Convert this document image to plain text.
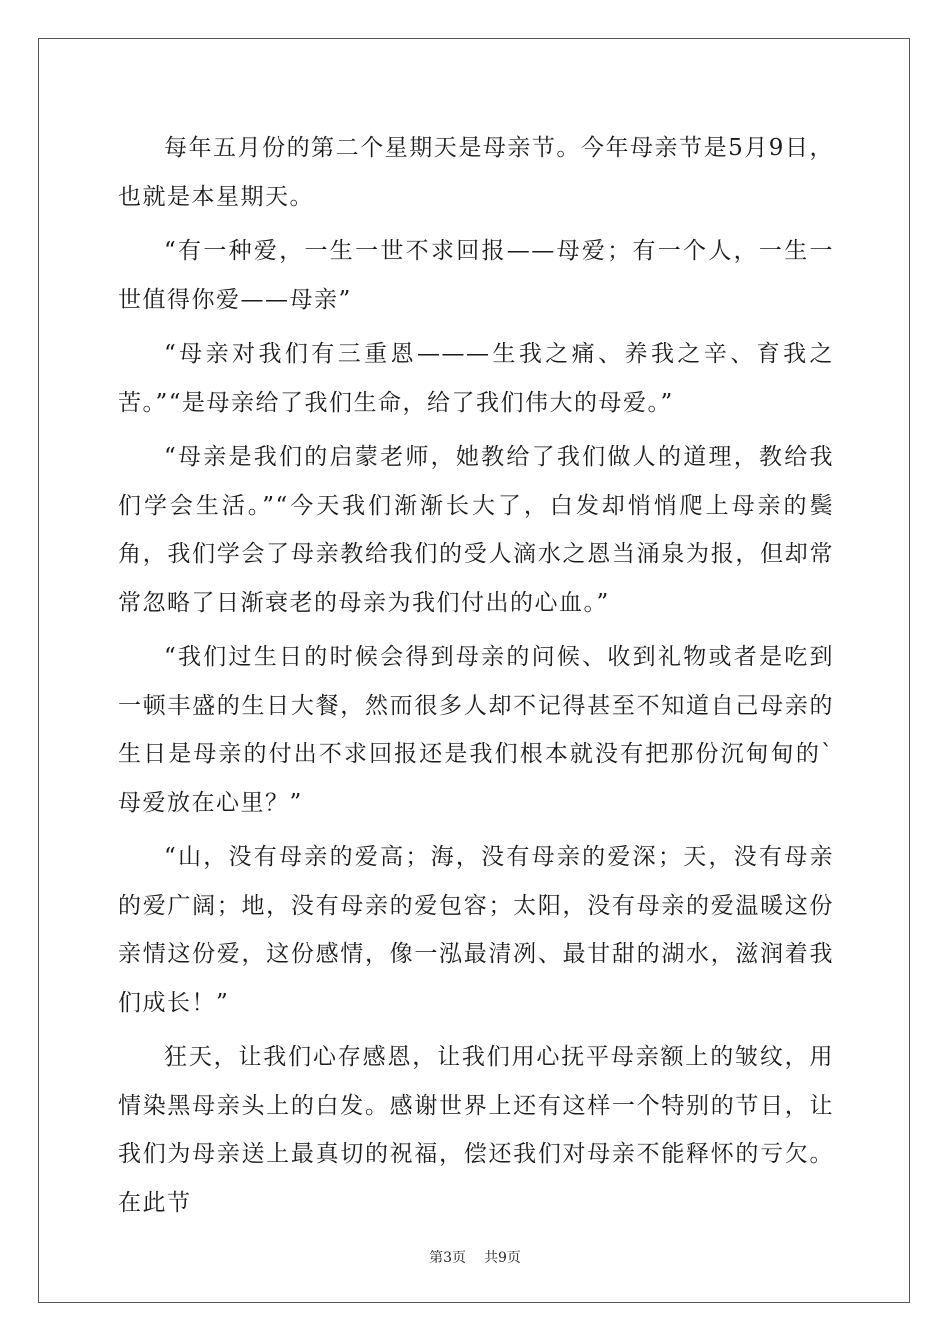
每年五月份的第二个星期天是母亲节。今年母亲节是5月9日，也就是本星期天。

“有一种爱，一生一世不求回报——母爱；有一个人，一生一世值得你爱——母亲”

“母亲对我们有三重恩———生我之痛、养我之辛、育我之苦。”“是母亲给了我们生命，给了我们伟大的母爱。”

“母亲是我们的启蒙老师，她教给了我们做人的道理，教给我们学会生活。”“今天我们渐渐长大了，白发却悄悄爬上母亲的鬓角，我们学会了母亲教给我们的受人滴水之恩当涌泉为报，但却常常忽略了日渐衰老的母亲为我们付出的心血。”

“我们过生日的时候会得到母亲的问候、收到礼物或者是吃到一顿丰盛的生日大餐，然而很多人却不记得甚至不知道自己母亲的生日是母亲的付出不求回报还是我们根本就没有把那份沉甸甸的`母爱放在心里？”

“山，没有母亲的爱高；海，没有母亲的爱深；天，没有母亲的爱广阔；地，没有母亲的爱包容；太阳，没有母亲的爱温暖这份亲情这份爱，这份感情，像一泓最清冽、最甘甜的湖水，滋润着我们成长！”

狂天，让我们心存感恩，让我们用心抚平母亲额上的皱纹，用情染黑母亲头上的白发。感谢世界上还有这样一个特别的节日，让我们为母亲送上最真切的祝福，偿还我们对母亲不能释怀的亏欠。在此节

第3页 共9页
